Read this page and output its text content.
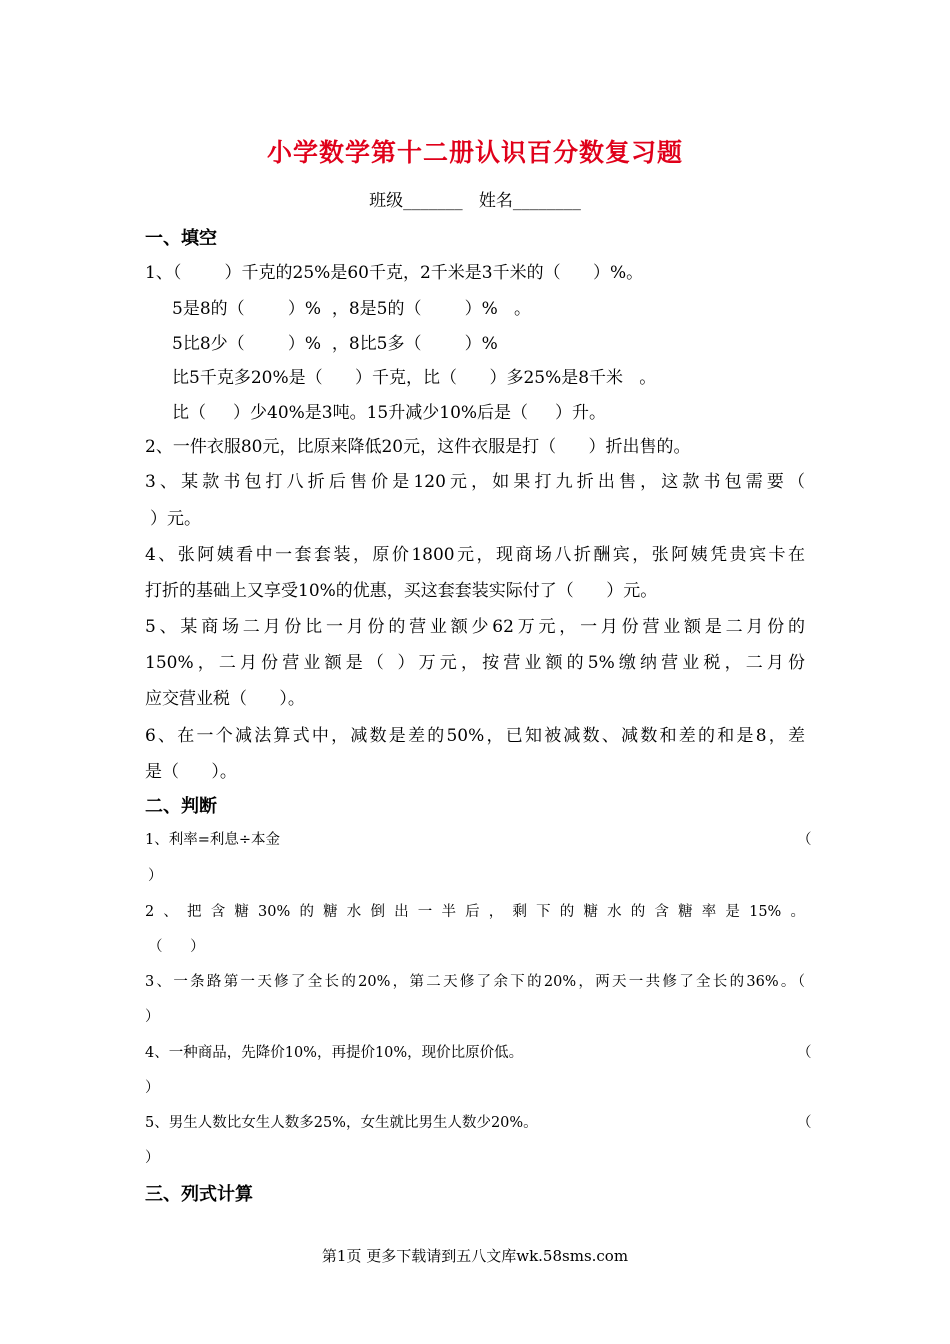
小学数学第十二册认识百分数复习题
班级_______   姓名________
一、填空
1、（        ）千克的25%是60千克，2千米是3千米的（      ）%。
5是8的（        ）%  ，8是5的（        ）%   。
5比8少（        ）%  ，8比5多（        ）%
比5千克多20%是（      ）千克，比（      ）多25%是8千米   。
比（     ）少40%是3吨。15升减少10%后是（     ）升。
2、一件衣服80元，比原来降低20元，这件衣服是打（      ）折出售的。
3、某款书包打八折后售价是120元，如果打九折出售，这款书包需要（
）元。
4、张阿姨看中一套套装，原价1800元，现商场八折酬宾，张阿姨凭贵宾卡在
打折的基础上又享受10%的优惠，买这套套装实际付了（      ）元。
5、某商场二月份比一月份的营业额少62万元，一月份营业额是二月份的
150%，二月份营业额是（ ）万元，按营业额的5%缴纳营业税，二月份
应交营业税（      ）。
6、在一个减法算式中，减数是差的50%，已知被减数、减数和差的和是8，差
是（      ）。
二、判断
1、利率=利息÷本金	（
）
2、把含糖30%的糖水倒出一半后，剩下的糖水的含糖率是15%。
（      ）
3、一条路第一天修了全长的20%，第二天修了余下的20%，两天一共修了全长的36%。（
）
4、一种商品，先降价10%，再提价10%，现价比原价低。	（
）
5、男生人数比女生人数多25%，女生就比男生人数少20%。	（
）
三、列式计算
第1页 更多下载请到五八文库wk.58sms.com
